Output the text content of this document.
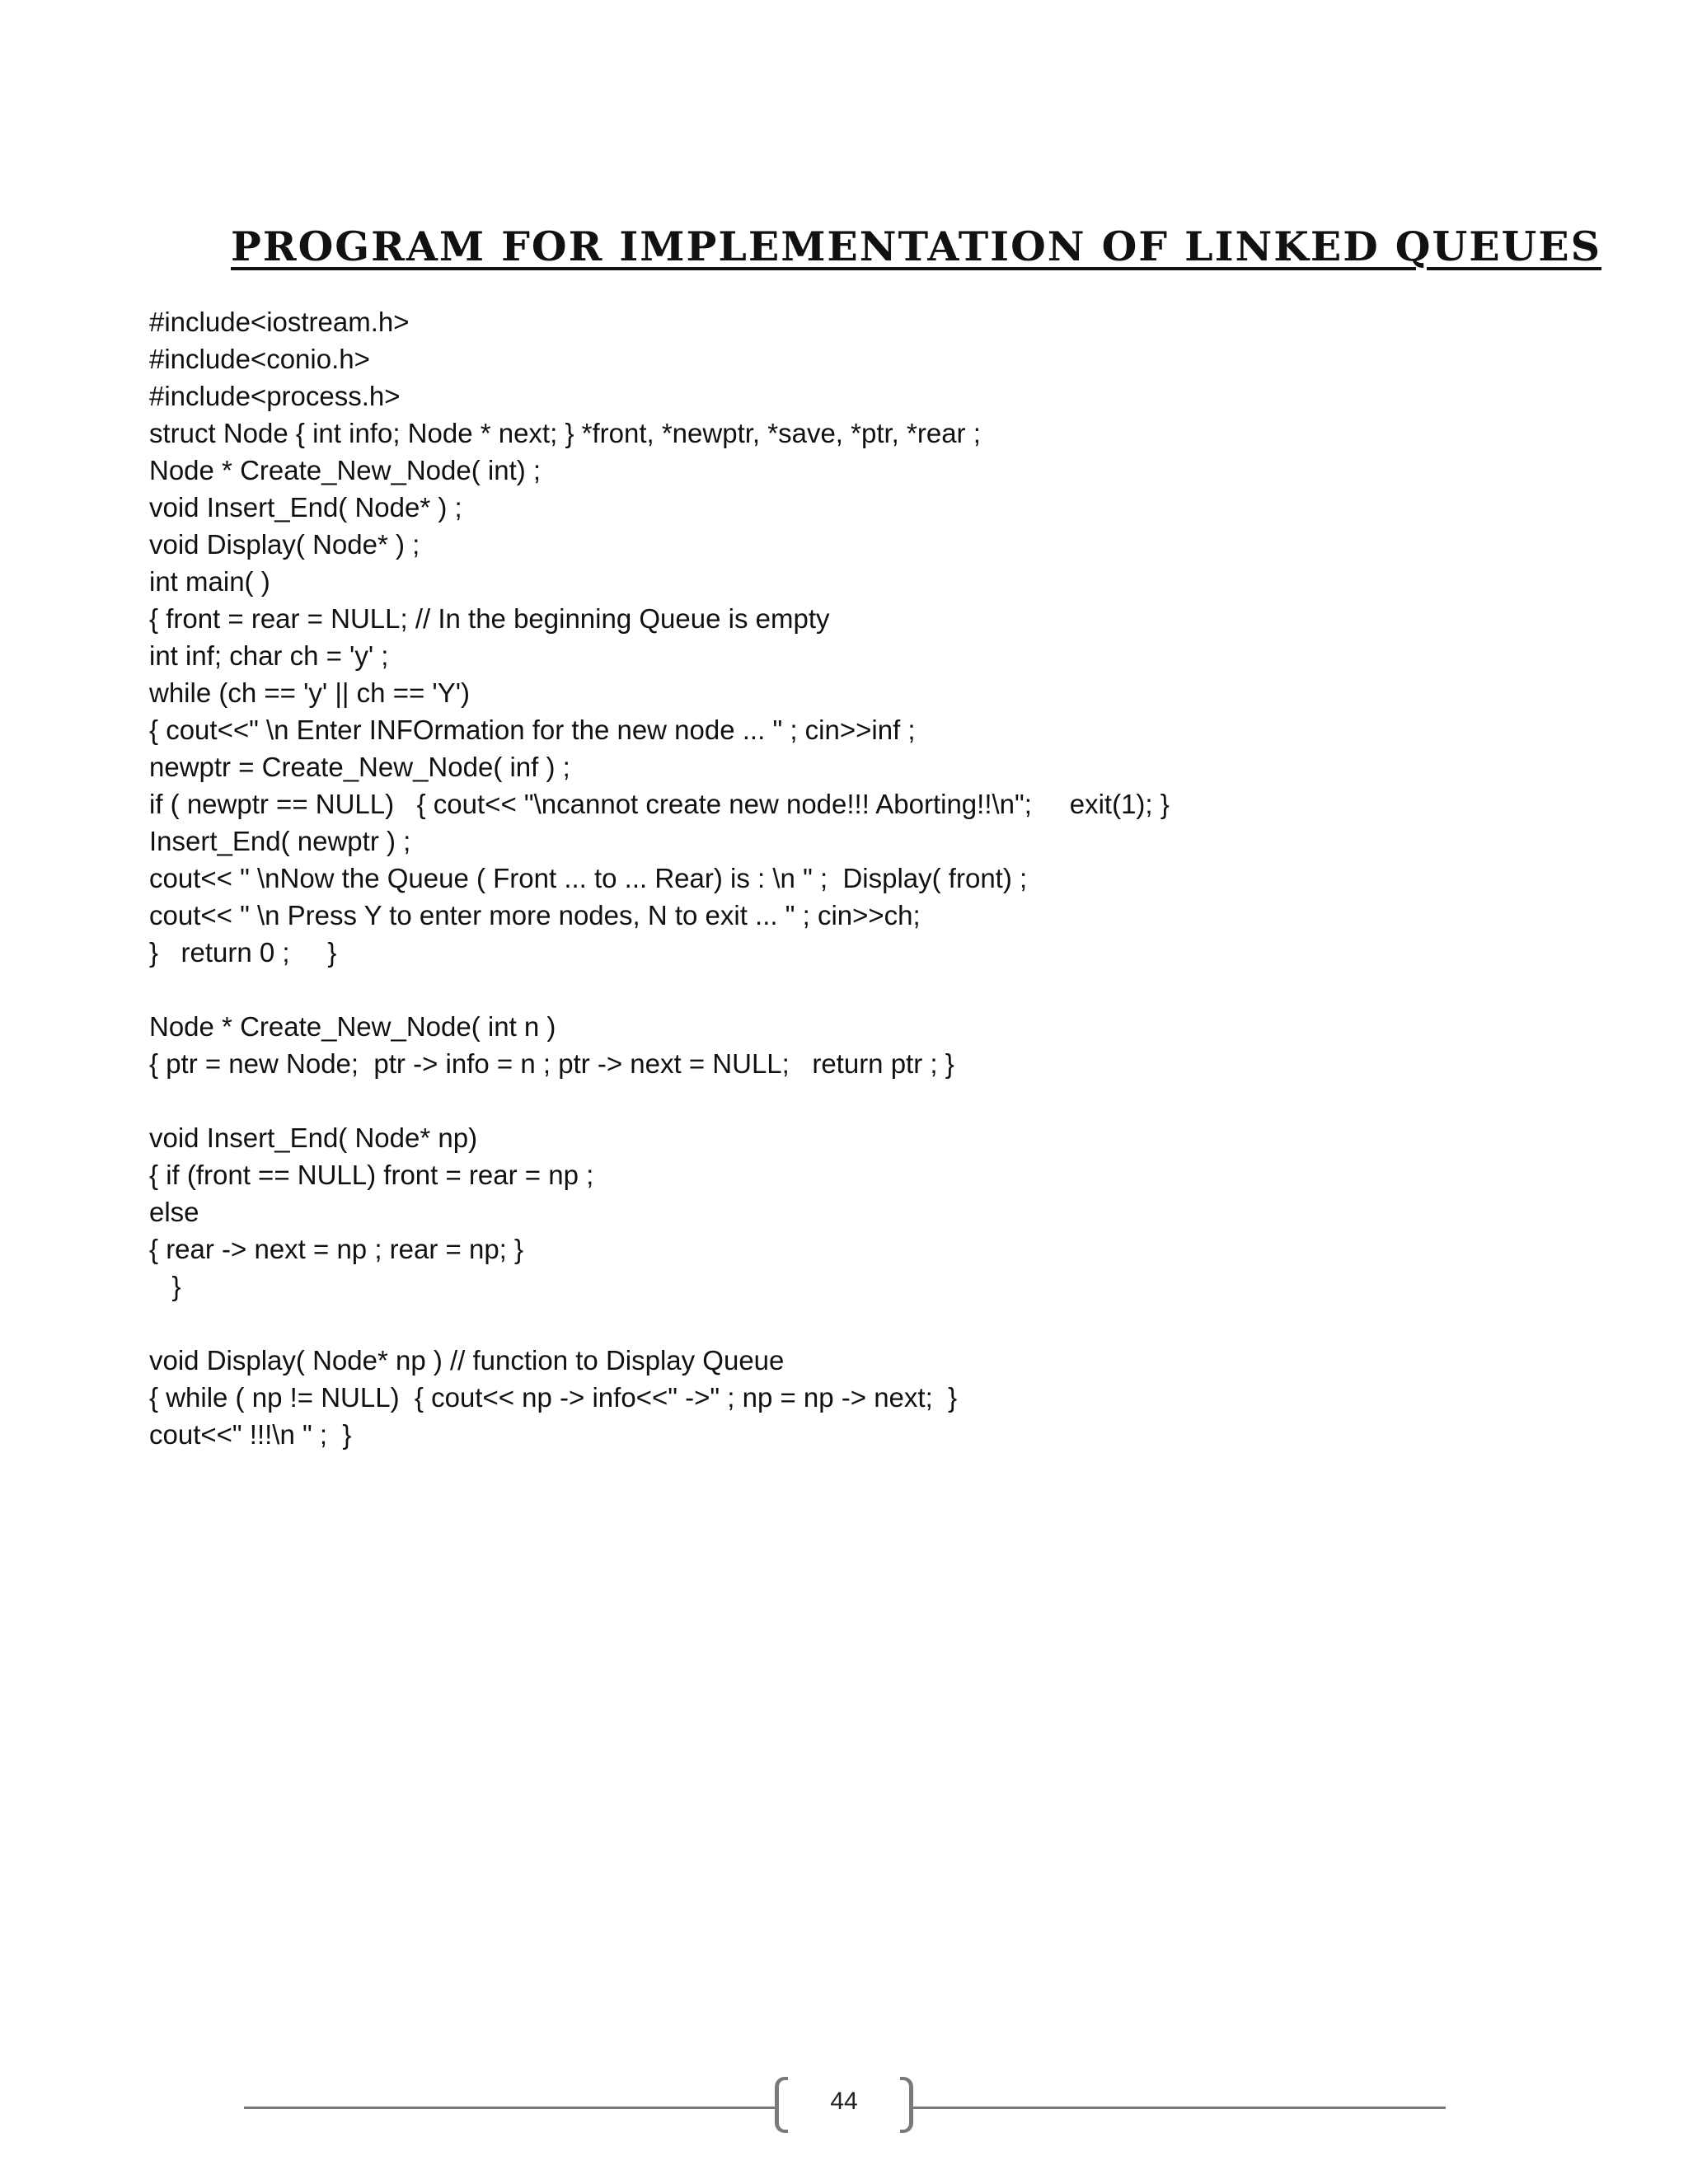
PROGRAM FOR IMPLEMENTATION OF LINKED QUEUES
#include<iostream.h>
#include<conio.h>
#include<process.h>
struct Node { int info; Node * next; } *front, *newptr, *save, *ptr, *rear ;
Node * Create_New_Node( int) ;
void Insert_End( Node* ) ;
void Display( Node* ) ;
int main( )
{ front = rear = NULL; // In the beginning Queue is empty
int inf; char ch = 'y' ;
while (ch == 'y' || ch == 'Y')
{ cout<<" \n Enter INFOrmation for the new node ... " ; cin>>inf ;
newptr = Create_New_Node( inf ) ;
if ( newptr == NULL)   { cout<< "\ncannot create new node!!! Aborting!!\n";     exit(1); }
Insert_End( newptr ) ;
cout<< " \nNow the Queue ( Front ... to ... Rear) is : \n " ;  Display( front) ;
cout<< " \n Press Y to enter more nodes, N to exit ... " ; cin>>ch;
}   return 0 ;     }
Node * Create_New_Node( int n )
{ ptr = new Node;  ptr -> info = n ; ptr -> next = NULL;   return ptr ; }
void Insert_End( Node* np)
{ if (front == NULL) front = rear = np ;
else
{ rear -> next = np ; rear = np; }
}
void Display( Node* np ) // function to Display Queue
{ while ( np != NULL)  { cout<< np -> info<<" ->" ; np = np -> next;  }
cout<<" !!!\n " ;  }
44
